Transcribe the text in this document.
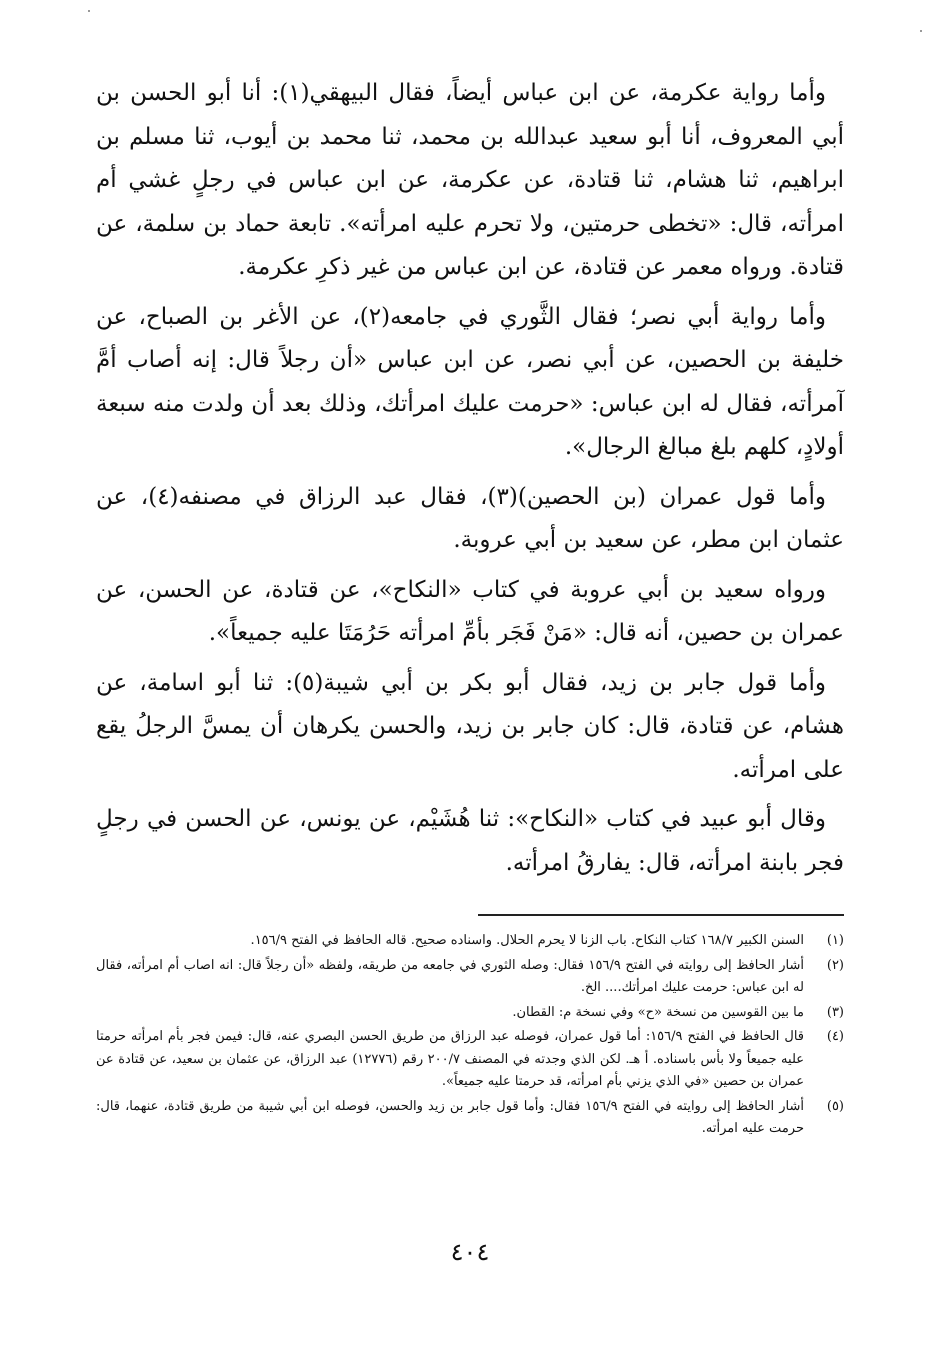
وأما رواية عكرمة، عن ابن عباس أيضاً، فقال البيهقي(١): أنا أبو الحسن بن أبي المعروف، أنا أبو سعيد عبدالله بن محمد، ثنا محمد بن أيوب، ثنا مسلم بن ابراهيم، ثنا هشام، ثنا قتادة، عن عكرمة، عن ابن عباس في رجلٍ غشي أم امرأته، قال: «تخطى حرمتين، ولا تحرم عليه امرأته». تابعة حماد بن سلمة، عن قتادة. ورواه معمر عن قتادة، عن ابن عباس من غير ذكرِ عكرمة.

وأما رواية أبي نصر؛ فقال الثَّوري في جامعه(٢)، عن الأغر بن الصباح، عن خليفة بن الحصين، عن أبي نصر، عن ابن عباس «أن رجلاً قال: إنه أصاب أمَّ آمرأته، فقال له ابن عباس: «حرمت عليك امرأتك، وذلك بعد أن ولدت منه سبعة أولادٍ، كلهم بلغ مبالغ الرجال».

وأما قول عمران (بن الحصين)(٣)، فقال عبد الرزاق في مصنفه(٤)، عن عثمان ابن مطر، عن سعيد بن أبي عروبة.

ورواه سعيد بن أبي عروبة في كتاب «النكاح»، عن قتادة، عن الحسن، عن عمران بن حصين، أنه قال: «مَنْ فَجَر بأمِّ امرأته حَرُمَتَا عليه جميعاً».

وأما قول جابر بن زيد، فقال أبو بكر بن أبي شيبة(٥): ثنا أبو اسامة، عن هشام، عن قتادة، قال: كان جابر بن زيد، والحسن يكرهان أن يمسَّ الرجلُ يقع على امرأته.

وقال أبو عبيد في كتاب «النكاح»: ثنا هُشَيْم، عن يونس، عن الحسن في رجلٍ فجر بابنة امرأته، قال: يفارقُ امرأته.

(١)
السنن الكبير ١٦٨/٧ كتاب النكاح. باب الزنا لا يحرم الحلال. واسناده صحيح. قاله الحافظ في الفتح ١٥٦/٩.
(٢)
أشار الحافظ إلى روايته في الفتح ١٥٦/٩ فقال: وصله الثوري في جامعه من طريقه، ولفظه «أن رجلاً قال: انه اصاب أم امرأته، فقال له ابن عباس: حرمت عليك امرأتك.... الخ.
(٣)
ما بين القوسين من نسخة «ح» وفي نسخة م: القطان.
(٤)
قال الحافظ في الفتح ١٥٦/٩: أما قول عمران، فوصله عبد الرزاق من طريق الحسن البصري عنه، قال: فيمن فجر بأم امرأته حرمتا عليه جميعاً ولا بأس باسناده. أ هـ. لكن الذي وجدته في المصنف ٢٠٠/٧ رقم (١٢٧٧٦) عبد الرزاق، عن عثمان بن سعيد، عن قتادة عن عمران بن حصين «في الذي يزني بأم امرأته، قد حرمتا عليه جميعاً».
(٥)
أشار الحافظ إلى روايته في الفتح ١٥٦/٩ فقال: وأما قول جابر بن زيد والحسن، فوصله ابن أبي شيبة من طريق قتادة، عنهما، قال: حرمت عليه امرأته.
٤٠٤
